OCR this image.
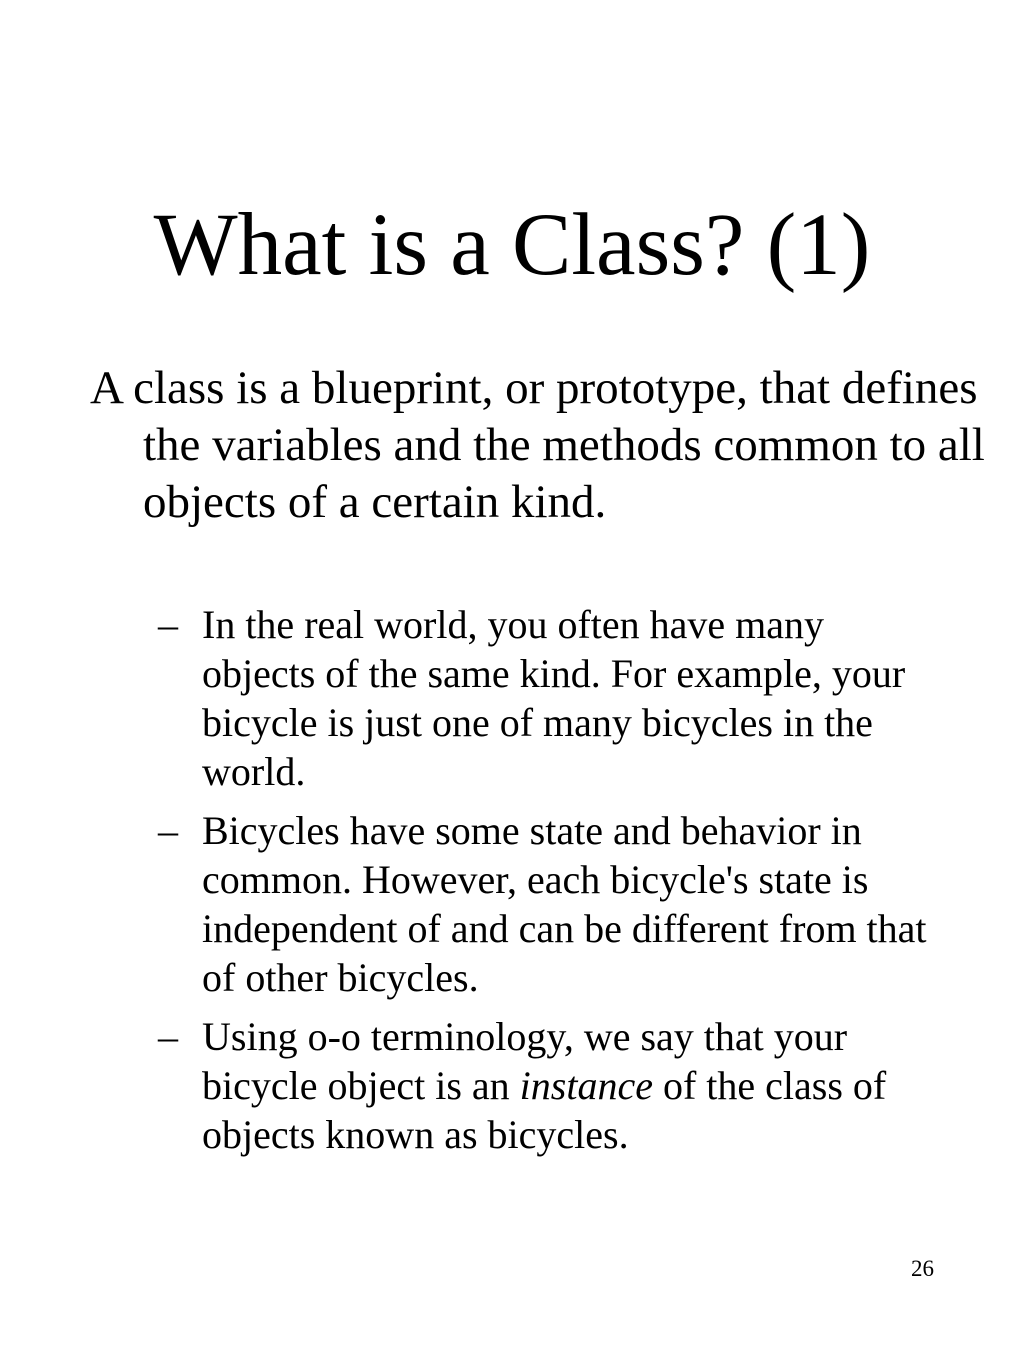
What is a Class? (1)

A class is a blueprint, or prototype, that defines the variables and the methods common to all objects of a certain kind.

– In the real world, you often have many objects of the same kind. For example, your bicycle is just one of many bicycles in the world.
– Bicycles have some state and behavior in common. However, each bicycle's state is independent of and can be different from that of other bicycles.
– Using o-o terminology, we say that your bicycle object is an instance of the class of objects known as bicycles.
26
